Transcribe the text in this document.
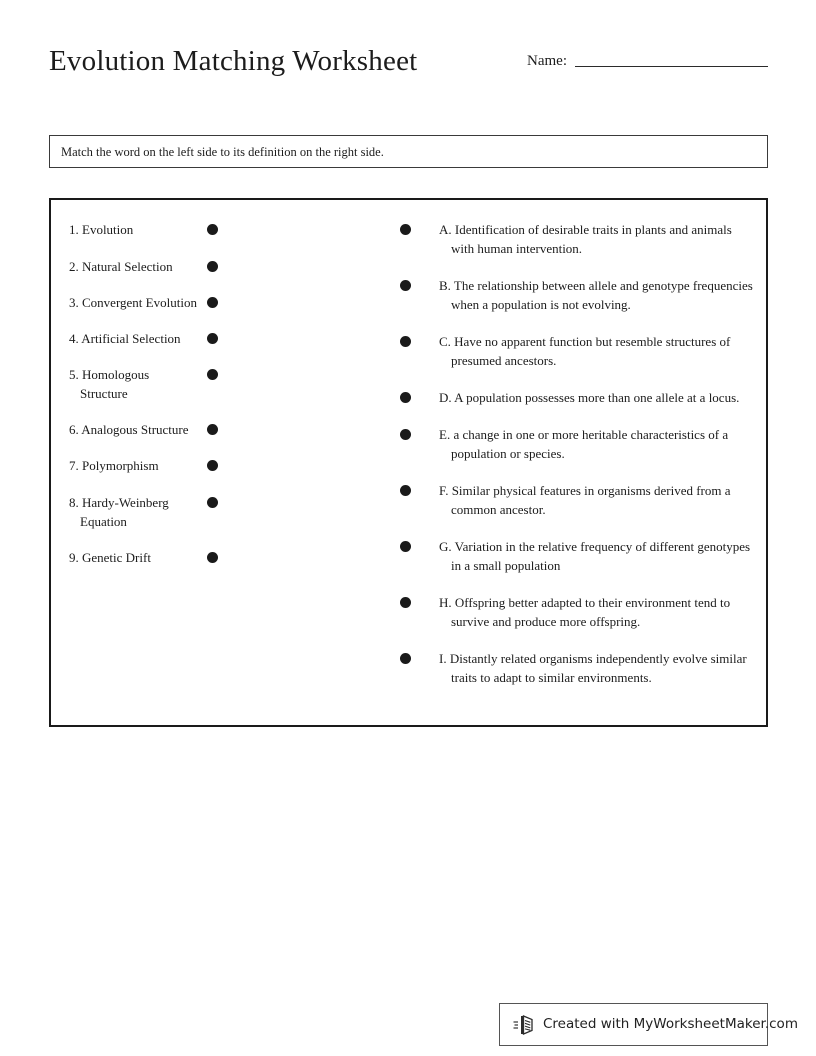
Evolution Matching Worksheet	Name:
Match the word on the left side to its definition on the right side.
1. Evolution
2. Natural Selection
3. Convergent Evolution
4. Artificial Selection
5. Homologous Structure
6. Analogous Structure
7. Polymorphism
8. Hardy-Weinberg Equation
9. Genetic Drift
A. Identification of desirable traits in plants and animals with human intervention.
B. The relationship between allele and genotype frequencies when a population is not evolving.
C. Have no apparent function but resemble structures of presumed ancestors.
D. A population possesses more than one allele at a locus.
E. a change in one or more heritable characteristics of a population or species.
F. Similar physical features in organisms derived from a common ancestor.
G. Variation in the relative frequency of different genotypes in a small population
H. Offspring better adapted to their environment tend to survive and produce more offspring.
I. Distantly related organisms independently evolve similar traits to adapt to similar environments.
Created with MyWorksheetMaker.com
